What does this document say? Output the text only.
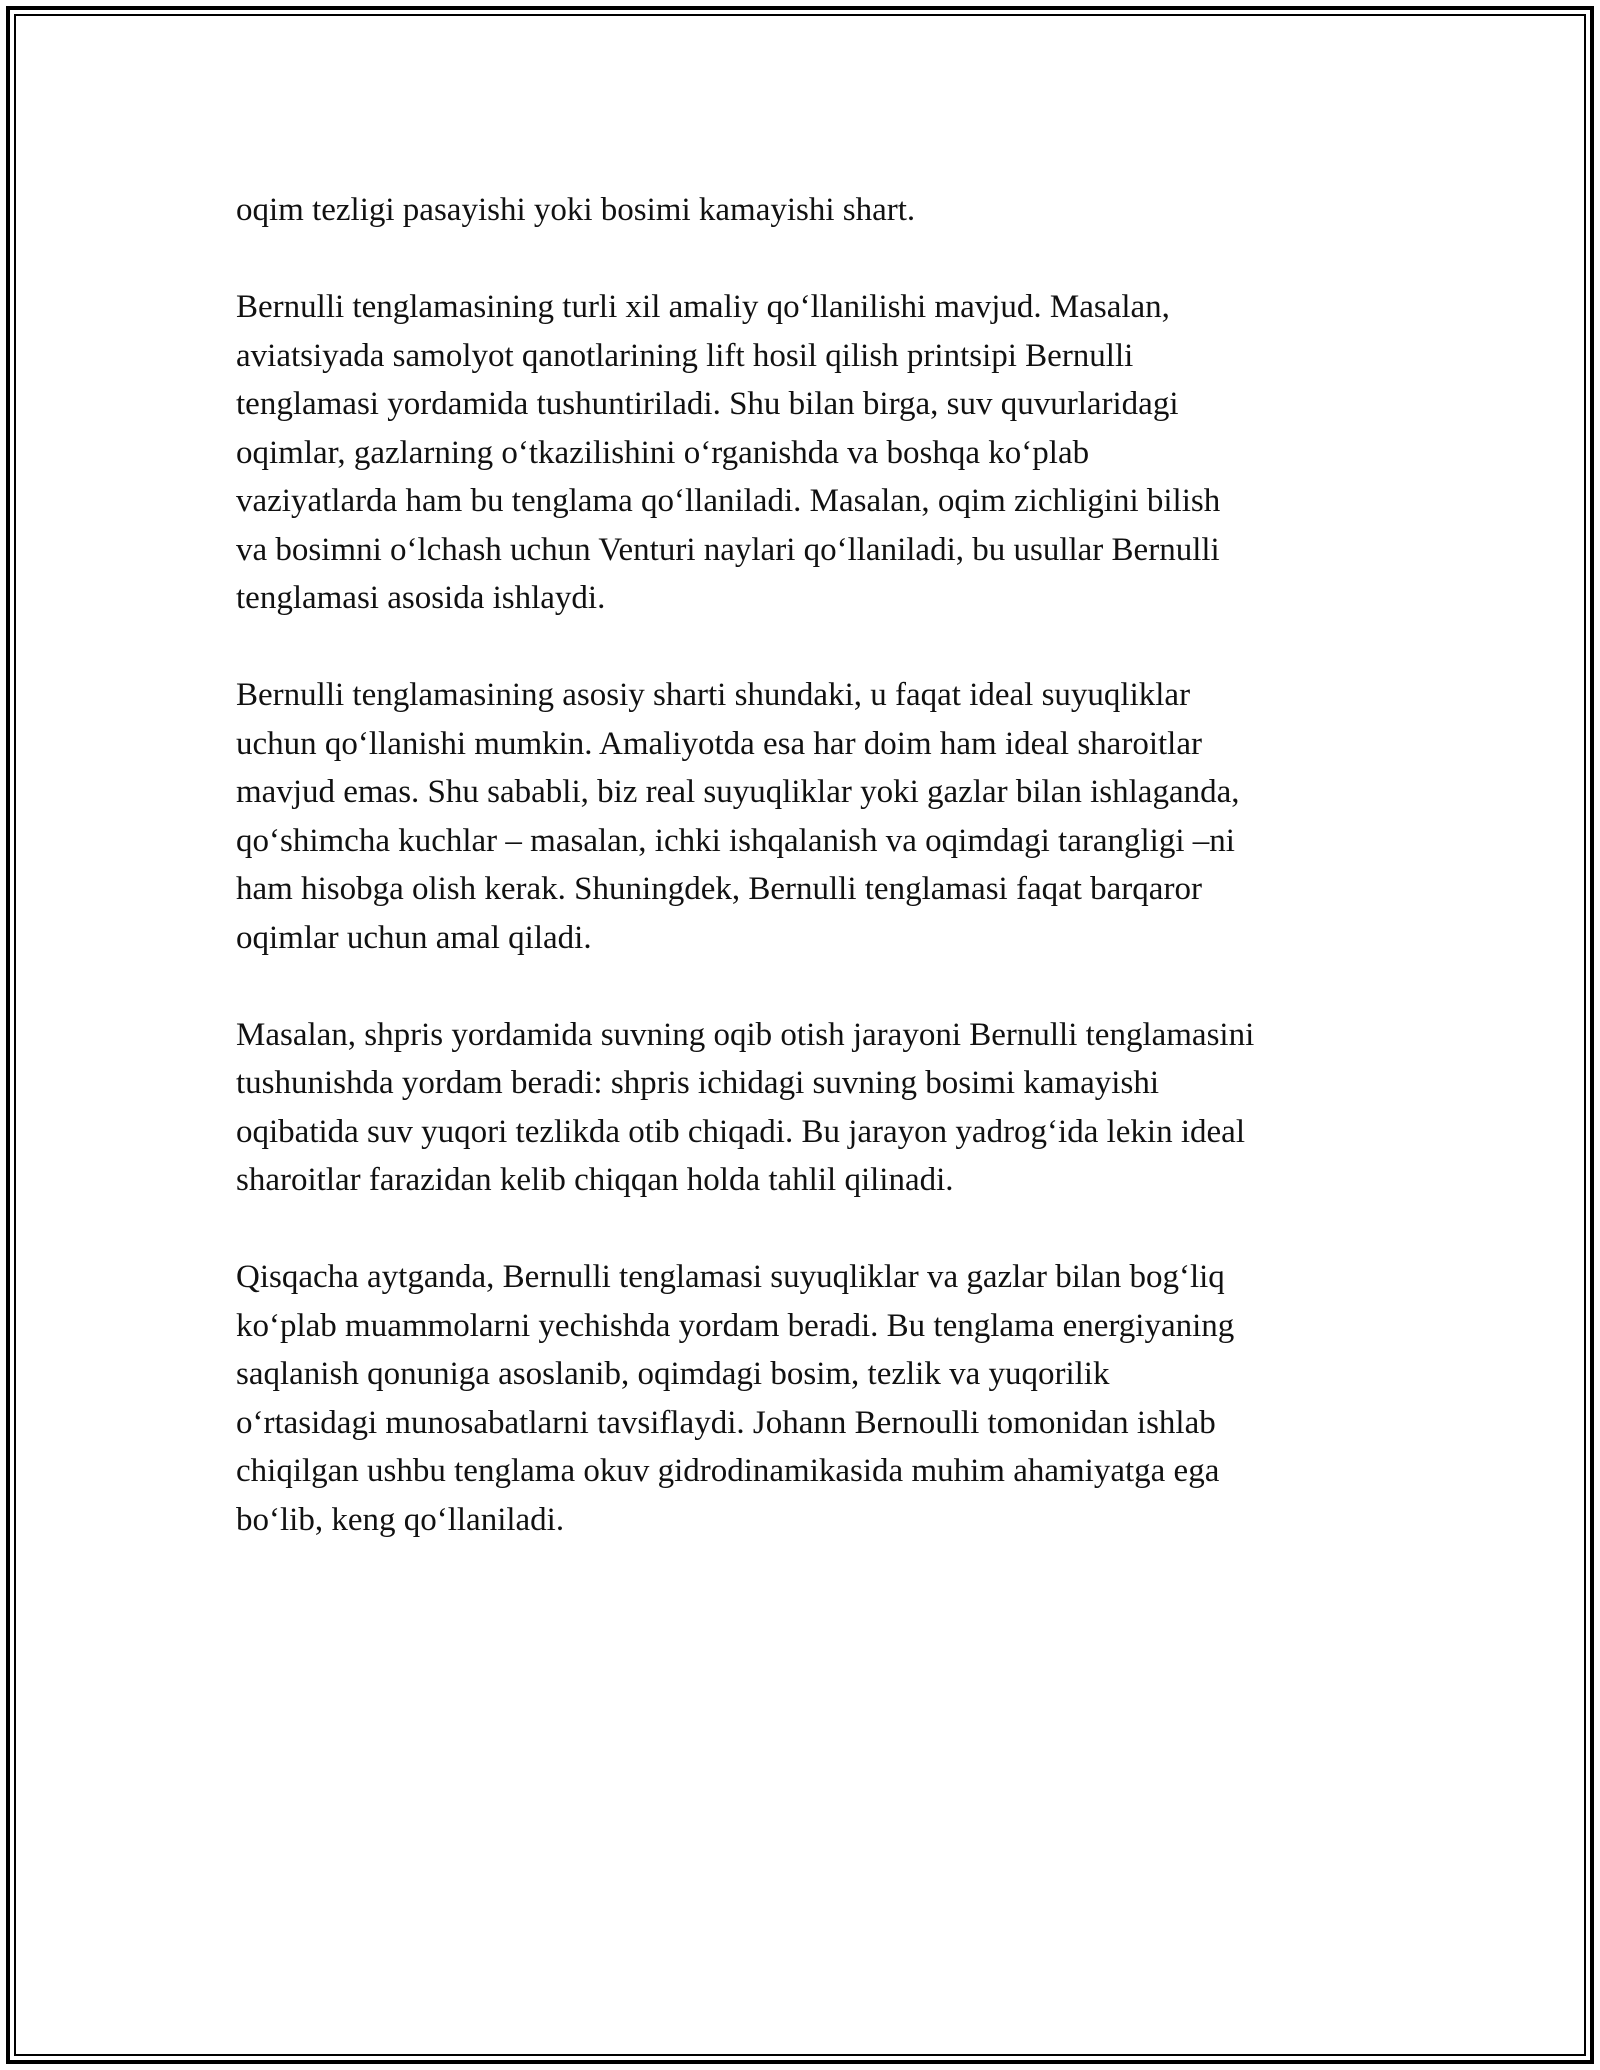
oqim tezligi pasayishi yoki bosimi kamayishi shart.

Bernulli tenglamasining turli xil amaliy qo‘llanilishi mavjud. Masalan,
aviatsiyada samolyot qanotlarining lift hosil qilish printsipi Bernulli
tenglamasi yordamida tushuntiriladi. Shu bilan birga, suv quvurlaridagi
oqimlar, gazlarning o‘tkazilishini o‘rganishda va boshqa ko‘plab
vaziyatlarda ham bu tenglama qo‘llaniladi. Masalan, oqim zichligini bilish
va bosimni o‘lchash uchun Venturi naylari qo‘llaniladi, bu usullar Bernulli
tenglamasi asosida ishlaydi.

Bernulli tenglamasining asosiy sharti shundaki, u faqat ideal suyuqliklar
uchun qo‘llanishi mumkin. Amaliyotda esa har doim ham ideal sharoitlar
mavjud emas. Shu sababli, biz real suyuqliklar yoki gazlar bilan ishlaganda,
qo‘shimcha kuchlar – masalan, ichki ishqalanish va oqimdagi tarangligi –ni
ham hisobga olish kerak. Shuningdek, Bernulli tenglamasi faqat barqaror
oqimlar uchun amal qiladi.

Masalan, shpris yordamida suvning oqib otish jarayoni Bernulli tenglamasini
tushunishda yordam beradi: shpris ichidagi suvning bosimi kamayishi
oqibatida suv yuqori tezlikda otib chiqadi. Bu jarayon yadrog‘ida lekin ideal
sharoitlar farazidan kelib chiqqan holda tahlil qilinadi.

Qisqacha aytganda, Bernulli tenglamasi suyuqliklar va gazlar bilan bog‘liq
ko‘plab muammolarni yechishda yordam beradi. Bu tenglama energiyaning
saqlanish qonuniga asoslanib, oqimdagi bosim, tezlik va yuqorilik
o‘rtasidagi munosabatlarni tavsiflaydi. Johann Bernoulli tomonidan ishlab
chiqilgan ushbu tenglama okuv gidrodinamikasida muhim ahamiyatga ega
bo‘lib, keng qo‘llaniladi.
